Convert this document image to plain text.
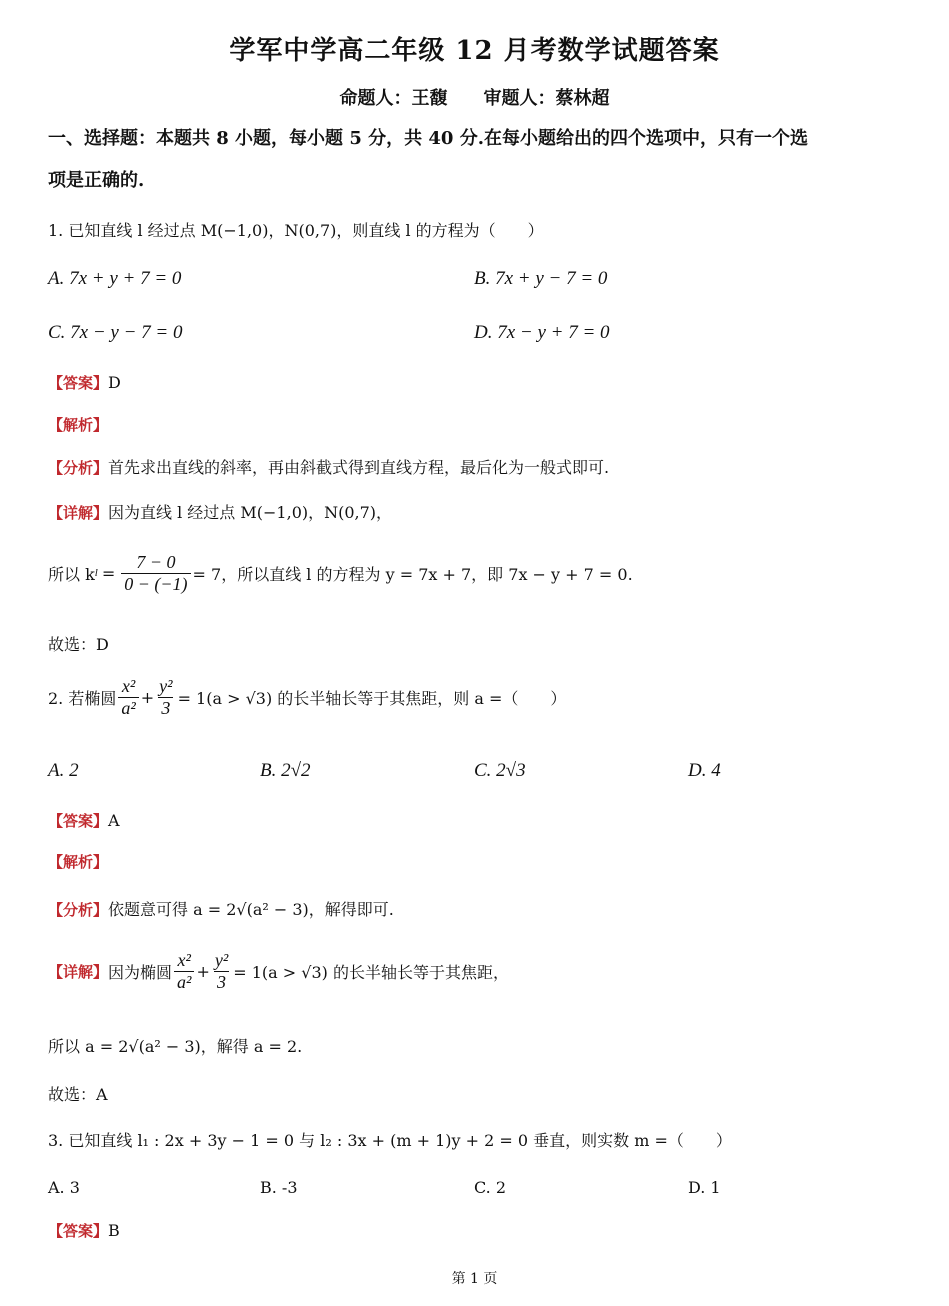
学军中学高二年级 12 月考数学试题答案
命题人：王馥　　审题人：蔡林超
一、选择题：本题共 8 小题，每小题 5 分，共 40 分.在每小题给出的四个选项中，只有一个选
项是正确的.
1. 已知直线 l 经过点 M(−1,0)，N(0,7)，则直线 l 的方程为（　　）
A. 7x + y + 7 = 0	B. 7x + y − 7 = 0
C. 7x − y − 7 = 0	D. 7x − y + 7 = 0
【答案】D
【解析】
【分析】首先求出直线的斜率，再由斜截式得到直线方程，最后化为一般式即可.
【详解】因为直线 l 经过点 M(−1,0)，N(0,7)，
所以 k $l = \frac{7 - 0}{0 - (-1)} = 7$，所以直线 l 的方程为 y = 7x + 7，即 7x − y + 7 = 0.
故选：D
2. 若椭圆 $\frac{\text{x²}}{\text{a²}} + \frac{\text{y²}}{3} = 1(a > √3)$ 的长半轴长等于其焦距，则 a =（　　）
A. 2	B. 2√2	C. 2√3	D. 4
【答案】A
【解析】
【分析】依题意可得 a = 2√(a² − 3)，解得即可.
【详解】 因为椭圆 $\frac{\text{x²}}{\text{a²}} + \frac{\text{y²}}{3} = 1(a > √3)$ 的长半轴长等于其焦距，
所以 a = 2√(a² − 3)，解得 a = 2.
故选：A
3. 已知直线 l₁ : 2x + 3y − 1 = 0 与 l₂ : 3x + (m + 1)y + 2 = 0 垂直，则实数 m =（　　）
A. 3	B. -3	C. 2	D. 1
【答案】B
第 1 页
